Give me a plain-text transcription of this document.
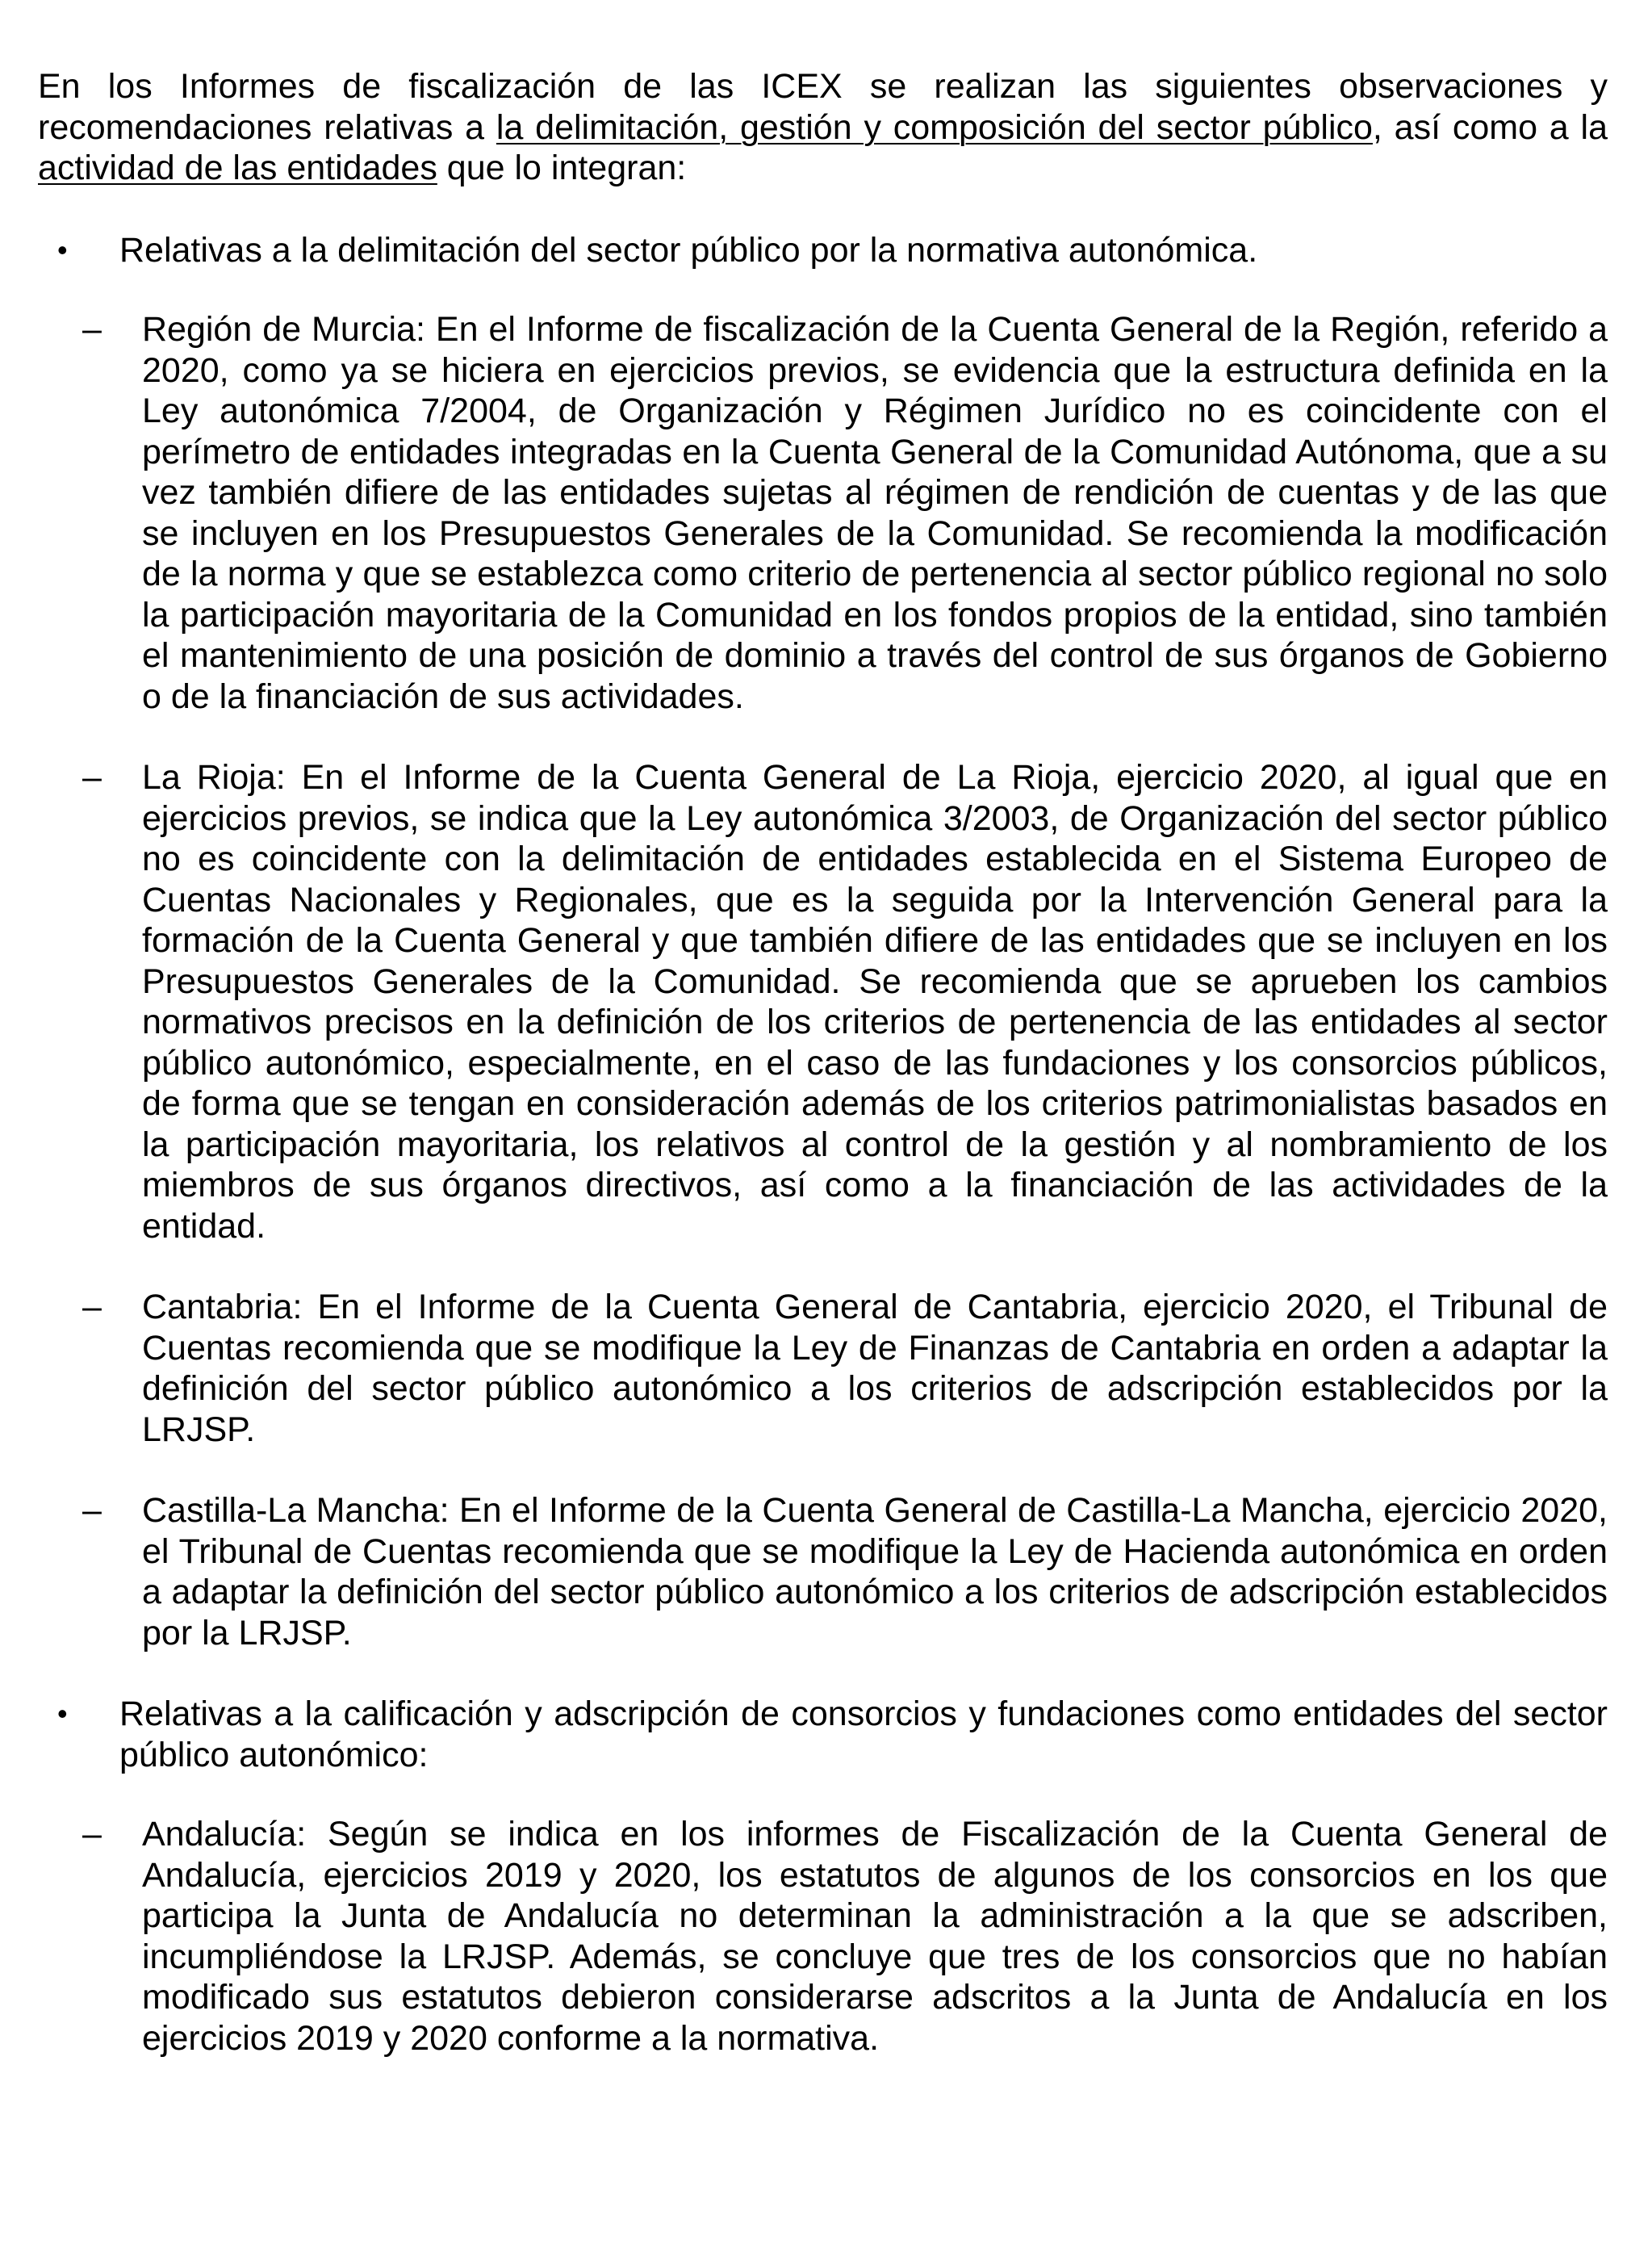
En los Informes de fiscalización de las ICEX se realizan las siguientes observaciones y recomendaciones relativas a la delimitación, gestión y composición del sector público, así como a la actividad de las entidades que lo integran:

• Relativas a la delimitación del sector público por la normativa autonómica.
– Región de Murcia: En el Informe de fiscalización de la Cuenta General de la Región, referido a 2020, como ya se hiciera en ejercicios previos, se evidencia que la estructura definida en la Ley autonómica 7/2004, de Organización y Régimen Jurídico no es coincidente con el perímetro de entidades integradas en la Cuenta General de la Comunidad Autónoma, que a su vez también difiere de las entidades sujetas al régimen de rendición de cuentas y de las que se incluyen en los Presupuestos Generales de la Comunidad. Se recomienda la modificación de la norma y que se establezca como criterio de pertenencia al sector público regional no solo la participación mayoritaria de la Comunidad en los fondos propios de la entidad, sino también el mantenimiento de una posición de dominio a través del control de sus órganos de Gobierno o de la financiación de sus actividades.
– La Rioja: En el Informe de la Cuenta General de La Rioja, ejercicio 2020, al igual que en ejercicios previos, se indica que la Ley autonómica 3/2003, de Organización del sector público no es coincidente con la delimitación de entidades establecida en el Sistema Europeo de Cuentas Nacionales y Regionales, que es la seguida por la Intervención General para la formación de la Cuenta General y que también difiere de las entidades que se incluyen en los Presupuestos Generales de la Comunidad. Se recomienda que se aprueben los cambios normativos precisos en la definición de los criterios de pertenencia de las entidades al sector público autonómico, especialmente, en el caso de las fundaciones y los consorcios públicos, de forma que se tengan en consideración además de los criterios patrimonialistas basados en la participación mayoritaria, los relativos al control de la gestión y al nombramiento de los miembros de sus órganos directivos, así como a la financiación de las actividades de la entidad.
– Cantabria: En el Informe de la Cuenta General de Cantabria, ejercicio 2020, el Tribunal de Cuentas recomienda que se modifique la Ley de Finanzas de Cantabria en orden a adaptar la definición del sector público autonómico a los criterios de adscripción establecidos por la LRJSP.
– Castilla-La Mancha: En el Informe de la Cuenta General de Castilla-La Mancha, ejercicio 2020, el Tribunal de Cuentas recomienda que se modifique la Ley de Hacienda autonómica en orden a adaptar la definición del sector público autonómico a los criterios de adscripción establecidos por la LRJSP.
• Relativas a la calificación y adscripción de consorcios y fundaciones como entidades del sector público autonómico:
– Andalucía: Según se indica en los informes de Fiscalización de la Cuenta General de Andalucía, ejercicios 2019 y 2020, los estatutos de algunos de los consorcios en los que participa la Junta de Andalucía no determinan la administración a la que se adscriben, incumpliéndose la LRJSP. Además, se concluye que tres de los consorcios que no habían modificado sus estatutos debieron considerarse adscritos a la Junta de Andalucía en los ejercicios 2019 y 2020 conforme a la normativa.
